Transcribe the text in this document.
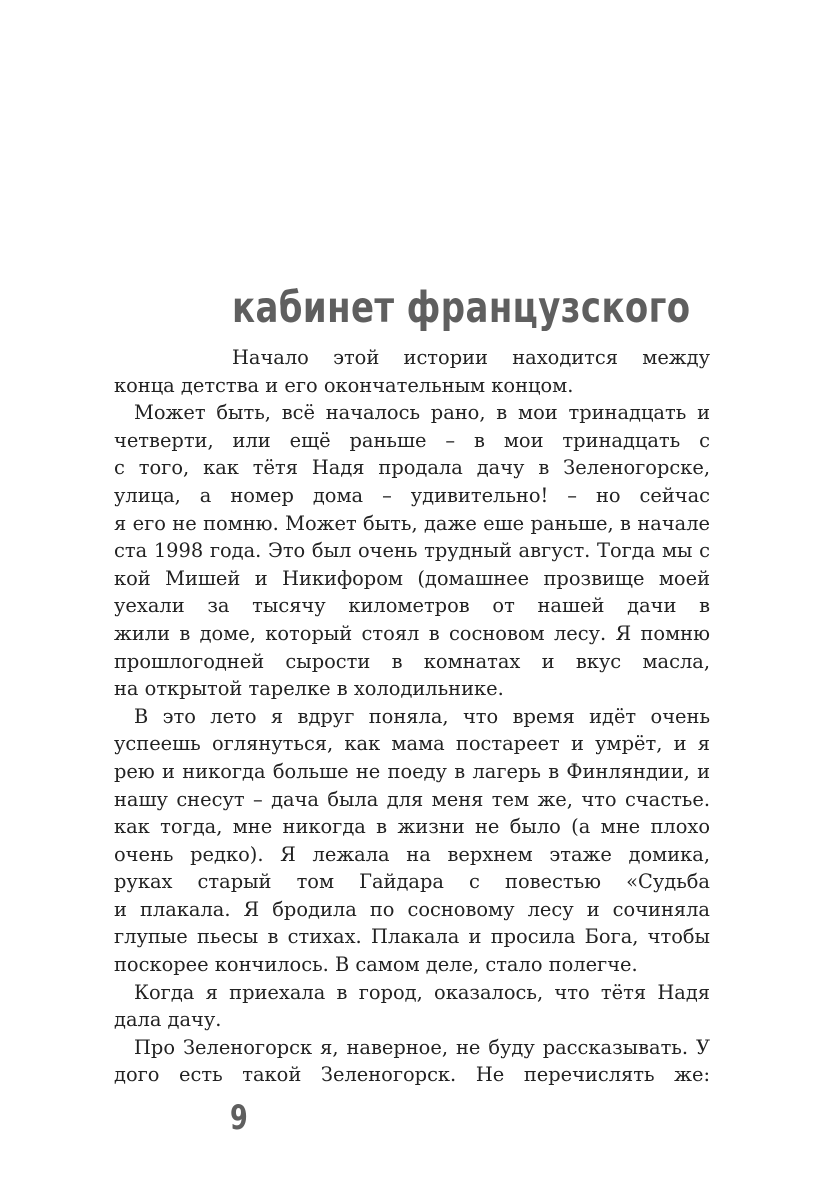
кабинет французского
Начало этой истории находится между
конца детства и его окончательным концом.
Может быть, всё началось рано, в мои тринадцать и
четверти, или ещё раньше – в мои тринадцать с
с того, как тётя Надя продала дачу в Зеленогорске,
улица, а номер дома – удивительно! – но сейчас
я его не помню. Может быть, даже еше раньше, в начале
ста 1998 года. Это был очень трудный август. Тогда мы с
кой Мишей и Никифором (домашнее прозвище моей
уехали за тысячу километров от нашей дачи в
жили в доме, который стоял в сосновом лесу. Я помню
прошлогодней сырости в комнатах и вкус масла,
на открытой тарелке в холодильнике.
В это лето я вдруг поняла, что время идёт очень
успеешь оглянуться, как мама постареет и умрёт, и я
рею и никогда больше не поеду в лагерь в Финляндии, и
нашу снесут – дача была для меня тем же, что счастье.
как тогда, мне никогда в жизни не было (а мне плохо
очень редко). Я лежала на верхнем этаже домика,
руках старый том Гайдара с повестью «Судьба
и плакала. Я бродила по сосновому лесу и сочиняла
глупые пьесы в стихах. Плакала и просила Бога, чтобы
поскорее кончилось. В самом деле, стало полегче.
Когда я приехала в город, оказалось, что тётя Надя
дала дачу.
Про Зеленогорск я, наверное, не буду рассказывать. У
дого есть такой Зеленогорск. Не перечислять же:

9
